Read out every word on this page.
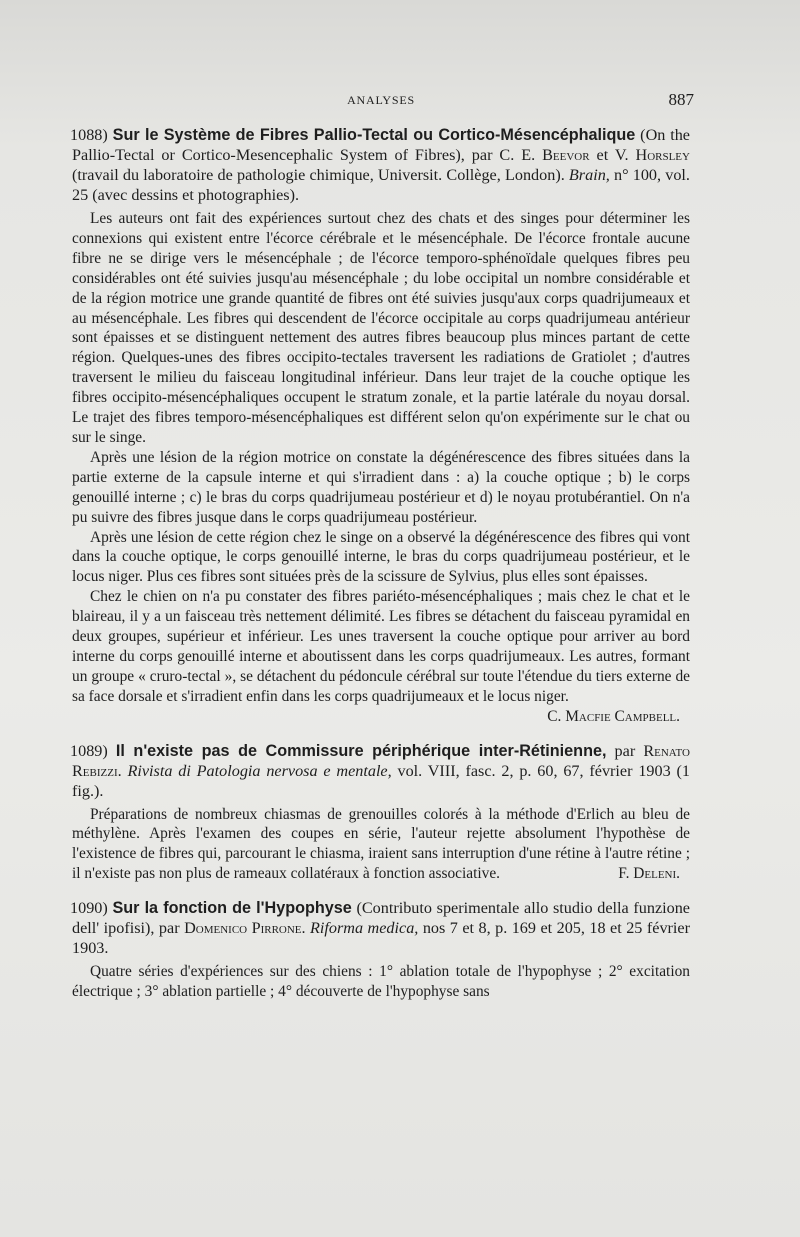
ANALYSES	887

1088) Sur le Système de Fibres Pallio-Tectal ou Cortico-Mésencéphalique (On the Pallio-Tectal or Cortico-Mesencephalic System of Fibres), par C. E. Beevor et V. Horsley (travail du laboratoire de pathologie chimique, Universit. Collège, London). Brain, n° 100, vol. 25 (avec dessins et photographies).

Les auteurs ont fait des expériences surtout chez des chats et des singes pour déterminer les connexions qui existent entre l'écorce cérébrale et le mésencéphale. De l'écorce frontale aucune fibre ne se dirige vers le mésencéphale ; de l'écorce temporo-sphénoïdale quelques fibres peu considérables ont été suivies jusqu'au mésencéphale ; du lobe occipital un nombre considérable et de la région motrice une grande quantité de fibres ont été suivies jusqu'aux corps quadrijumeaux et au mésencéphale. Les fibres qui descendent de l'écorce occipitale au corps quadrijumeau antérieur sont épaisses et se distinguent nettement des autres fibres beaucoup plus minces partant de cette région. Quelques-unes des fibres occipito-tectales traversent les radiations de Gratiolet ; d'autres traversent le milieu du faisceau longitudinal inférieur. Dans leur trajet de la couche optique les fibres occipito-mésencéphaliques occupent le stratum zonale, et la partie latérale du noyau dorsal. Le trajet des fibres temporo-mésencéphaliques est différent selon qu'on expérimente sur le chat ou sur le singe.

Après une lésion de la région motrice on constate la dégénérescence des fibres situées dans la partie externe de la capsule interne et qui s'irradient dans : a) la couche optique ; b) le corps genouillé interne ; c) le bras du corps quadrijumeau postérieur et d) le noyau protubérantiel. On n'a pu suivre des fibres jusque dans le corps quadrijumeau postérieur.

Après une lésion de cette région chez le singe on a observé la dégénérescence des fibres qui vont dans la couche optique, le corps genouillé interne, le bras du corps quadrijumeau postérieur, et le locus niger. Plus ces fibres sont situées près de la scissure de Sylvius, plus elles sont épaisses.

Chez le chien on n'a pu constater des fibres pariéto-mésencéphaliques ; mais chez le chat et le blaireau, il y a un faisceau très nettement délimité. Les fibres se détachent du faisceau pyramidal en deux groupes, supérieur et inférieur. Les unes traversent la couche optique pour arriver au bord interne du corps genouillé interne et aboutissent dans les corps quadrijumeaux. Les autres, formant un groupe « cruro-tectal », se détachent du pédoncule cérébral sur toute l'étendue du tiers externe de sa face dorsale et s'irradient enfin dans les corps quadrijumeaux et le locus niger.
C. Macfie Campbell.

1089) Il n'existe pas de Commissure périphérique inter-Rétinienne, par Renato Rebizzi. Rivista di Patologia nervosa e mentale, vol. VIII, fasc. 2, p. 60, 67, février 1903 (1 fig.).

Préparations de nombreux chiasmas de grenouilles colorés à la méthode d'Erlich au bleu de méthylène. Après l'examen des coupes en série, l'auteur rejette absolument l'hypothèse de l'existence de fibres qui, parcourant le chiasma, iraient sans interruption d'une rétine à l'autre rétine ; il n'existe pas non plus de rameaux collatéraux à fonction associative.	F. Deleni.

1090) Sur la fonction de l'Hypophyse (Contributo sperimentale allo studio della funzione dell' ipofisi), par Domenico Pirrone. Riforma medica, nos 7 et 8, p. 169 et 205, 18 et 25 février 1903.

Quatre séries d'expériences sur des chiens : 1° ablation totale de l'hypophyse ; 2° excitation électrique ; 3° ablation partielle ; 4° découverte de l'hypophyse sans
